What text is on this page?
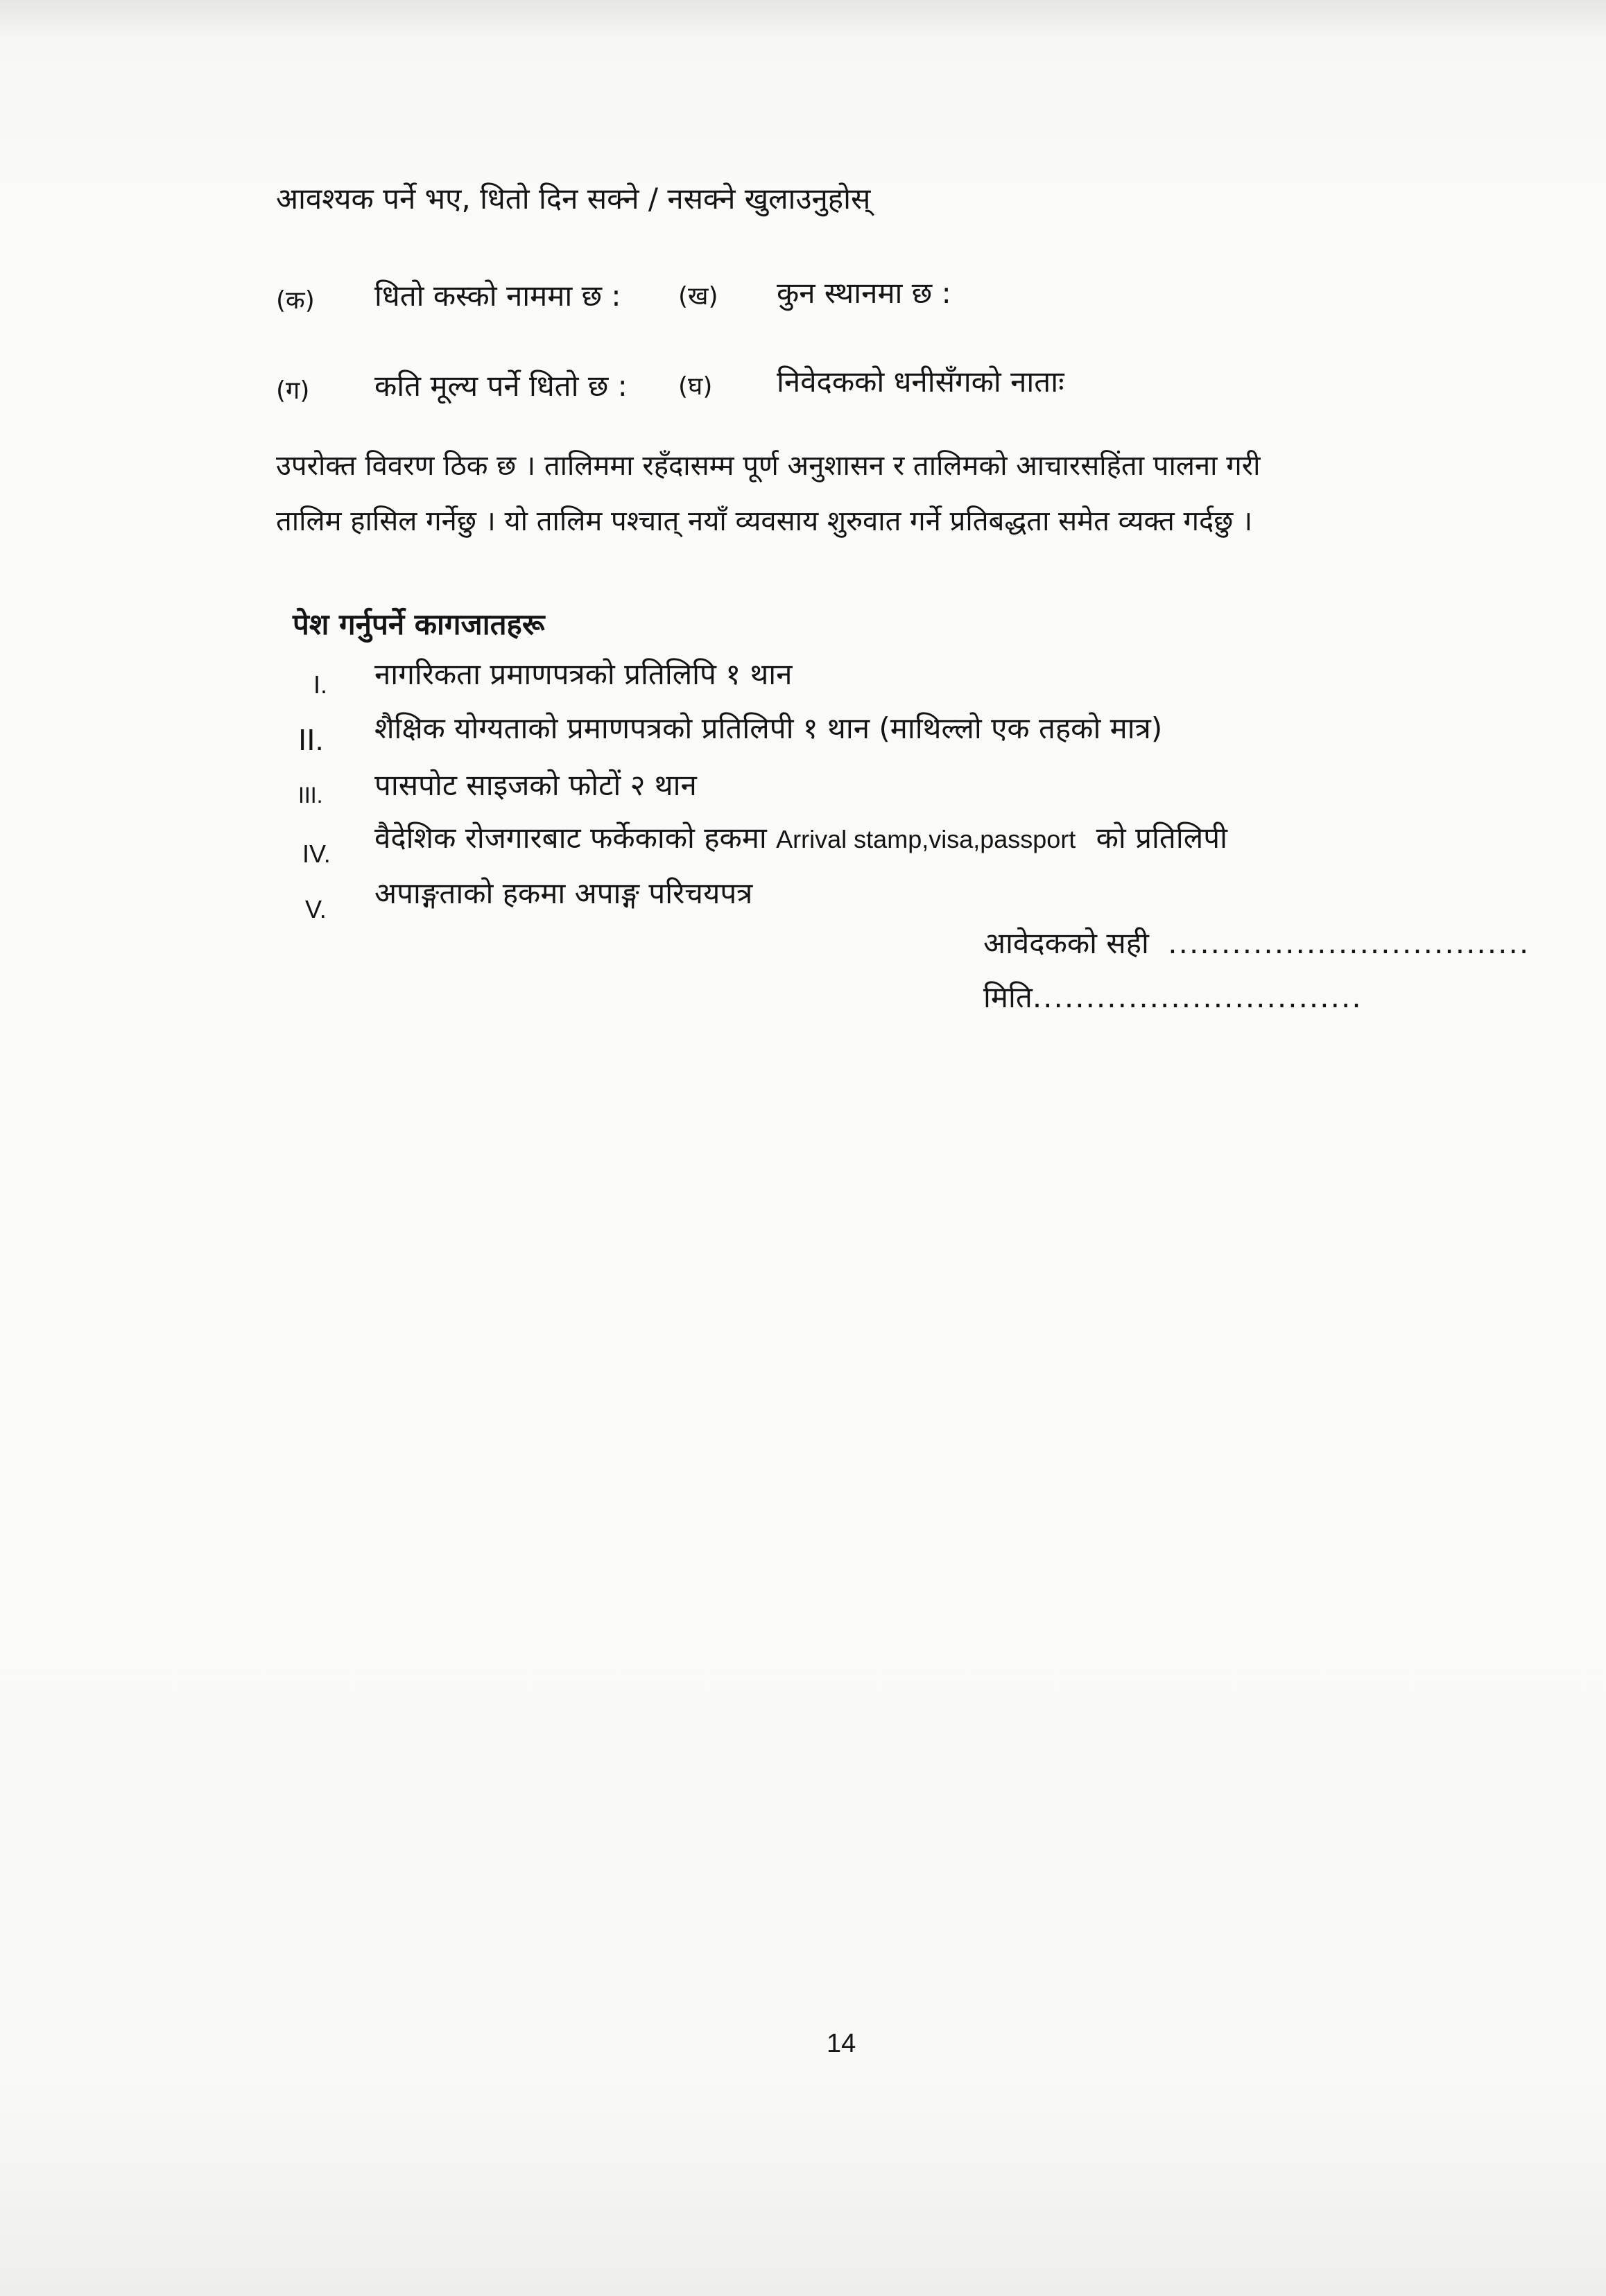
आवश्यक पर्ने भए, धितो दिन सक्ने / नसक्ने खुलाउनुहोस्
(क) धितो कस्को नाममा छ : (ख) कुन स्थानमा छ :
(ग) कति मूल्य पर्ने धितो छ : (घ) निवेदकको धनीसँगको नाताः
उपरोक्त विवरण ठिक छ । तालिममा रहँदासम्म पूर्ण अनुशासन र तालिमको आचारसहिंता पालना गरी
तालिम हासिल गर्नेछु । यो तालिम पश्चात् नयाँ व्यवसाय शुरुवात गर्ने प्रतिबद्धता समेत व्यक्त गर्दछु ।
पेश गर्नुपर्ने कागजातहरू
I. नागरिकता प्रमाणपत्रको प्रतिलिपि १ थान
II. शैक्षिक योग्यताको प्रमाणपत्रको प्रतिलिपी १ थान (माथिल्लो एक तहको मात्र)
III. पासपोट साइजको फोटों २ थान
IV. वैदेशिक रोजगारबाट फर्केकाको हकमा Arrival stamp,visa,passport को प्रतिलिपी
V. अपाङ्गताको हकमा अपाङ्ग परिचयपत्र
आवेदकको सही ..................................
मिति...............................
14
